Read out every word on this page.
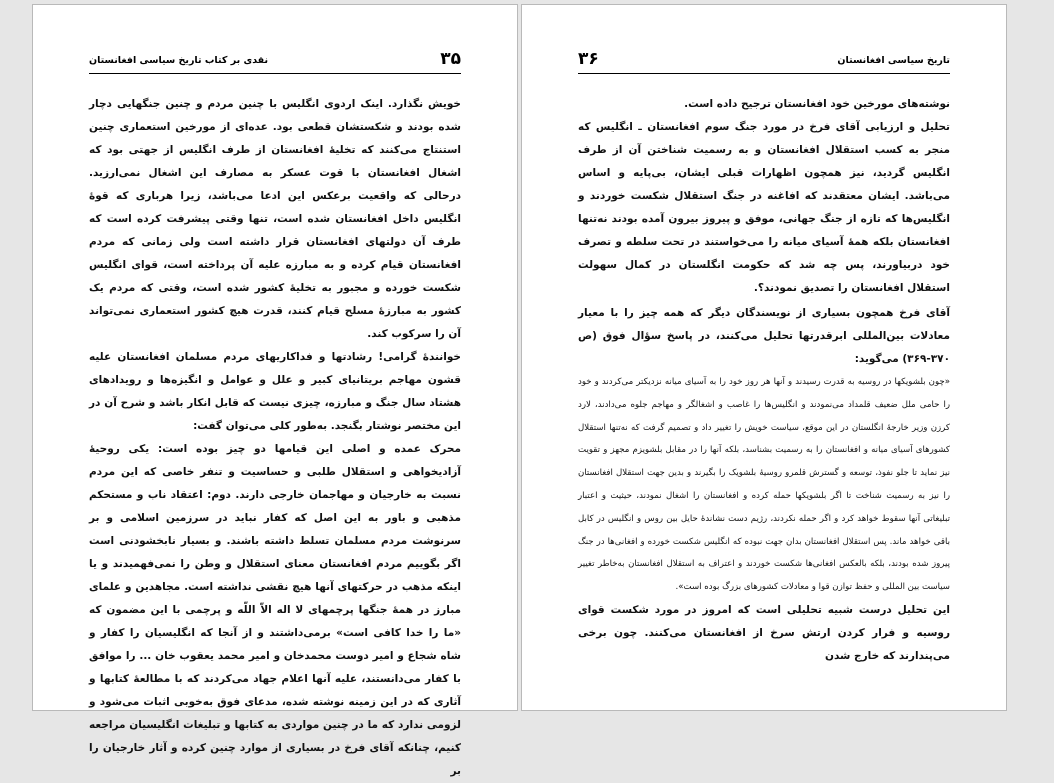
نقدی بر کتاب تاریخ سیاسی افغانستان	۳۵

خویش نگذارد. اینک اردوی انگلیس با چنین مردم و چنین جنگهایی دچار شده بودند و شکستشان قطعی بود. عده‌ای از مورخین استعماری چنین استنتاج می‌کنند که تخلیهٔ افغانستان از طرف انگلیس از جهتی بود که اشغال افغانستان با قوت عسکر به مصارف این اشغال نمی‌ارزید. درحالی که واقعیت برعکس این ادعا می‌باشد، زیرا هرباری که قوهٔ انگلیس داخل افغانستان شده است، تنها وقتی پیشرفت کرده است که طرف آن دولتهای افغانستان قرار داشته است ولی زمانی که مردم افغانستان قیام کرده و به مبارزه علیه آن پرداخته است، قوای انگلیس شکست خورده و مجبور به تخلیهٔ کشور شده است، وقتی که مردم یک کشور به مبارزهٔ مسلح قیام کنند، قدرت هیچ کشور استعماری نمی‌تواند آن را سرکوب کند.

خوانندهٔ گرامی! رشادتها و فداکاریهای مردم مسلمان افغانستان علیه قشون مهاجم بریتانیای کبیر و علل و عوامل و انگیزه‌ها و رویدادهای هشتاد سال جنگ و مبارزه، چیزی نیست که قابل انکار باشد و شرح آن در این مختصر نوشتار بگنجد. به‌طور کلی می‌توان گفت:

محرک عمده و اصلی این قیامها دو چیز بوده است: یکی روحیهٔ آزادیخواهی و استقلال طلبی و حساسیت و تنفر خاصی که این مردم نسبت به خارجیان و مهاجمان خارجی دارند. دوم: اعتقاد ناب و مستحکم مذهبی و باور به این اصل که کفار نباید در سرزمین اسلامی و بر سرنوشت مردم مسلمان تسلط داشته باشند. و بسیار نابخشودنی است اگر بگوییم مردم افغانستان معنای استقلال و وطن را نمی‌فهمیدند و یا اینکه مذهب در حرکتهای آنها هیچ نقشی نداشته است. مجاهدین و علمای مبارز در همهٔ جنگها پرچمهای لا اله الاّ اللّه و پرچمی با این مضمون که «ما را خدا کافی است» برمی‌داشتند و از آنجا که انگلیسیان را کفار و شاه شجاع و امیر دوست محمدخان و امیر محمد یعقوب خان ... را موافق با کفار می‌دانستند، علیه آنها اعلام جهاد می‌کردند که با مطالعهٔ کتابها و آثاری که در این زمینه نوشته شده، مدعای فوق به‌خوبی اثبات می‌شود و لزومی ندارد که ما در چنین مواردی به کتابها و تبلیغات انگلیسیان مراجعه کنیم، چنانکه آقای فرخ در بسیاری از موارد چنین کرده و آثار خارجیان را بر

تاریخ سیاسی افغانستان
۳۶

نوشته‌های مورخین خود افغانستان ترجیح داده است.

تحلیل و ارزیابی آقای فرخ در مورد جنگ سوم افغانستان ـ انگلیس که منجر به کسب استقلال افغانستان و به رسمیت شناختن آن از طرف انگلیس گردید، نیز همچون اظهارات قبلی ایشان، بی‌پایه و اساس می‌باشد. ایشان معتقدند که افاغنه در جنگ استقلال شکست خوردند و انگلیس‌ها که تازه از جنگ جهانی، موفق و پیروز بیرون آمده بودند نه‌تنها افغانستان بلکه همهٔ آسیای میانه را می‌خواستند در تحت سلطه و تصرف خود دربیاورند، پس چه شد که حکومت انگلستان در کمال سهولت استقلال افغانستان را تصدیق نمودند؟.

آقای فرخ همچون بسیاری از نویسندگان دیگر که همه چیز را با معیار معادلات بین‌المللی ابرقدرتها تحلیل می‌کنند، در پاسخ سؤال فوق (ص ۳۷۰-۳۶۹) می‌گوید:

«چون بلشویکها در روسیه به قدرت رسیدند و آنها هر روز خود را به آسیای میانه نزدیکتر می‌کردند و خود را حامی ملل ضعیف قلمداد می‌نمودند و انگلیس‌ها را غاصب و اشغالگر و مهاجم جلوه می‌دادند، لارد کرزن وزیر خارجهٔ انگلستان در این موقع، سیاست خویش را تغییر داد و تصمیم گرفت که نه‌تنها استقلال کشورهای آسیای میانه و افغانستان را به رسمیت بشناسد، بلکه آنها را در مقابل بلشویزم مجهز و تقویت نیز نماید تا جلو نفوذ، توسعه و گسترش قلمرو روسیهٔ بلشویک را بگیرند و بدین جهت استقلال افغانستان را نیز به رسمیت شناخت تا اگر بلشویکها حمله کرده و افغانستان را اشغال نمودند، حیثیت و اعتبار تبلیغاتی آنها سقوط خواهد کرد و اگر حمله نکردند، رژیم دست نشاندهٔ حایل بین روس و انگلیس در کابل باقی خواهد ماند. پس استقلال افغانستان بدان جهت نبوده که انگلیس شکست خورده و افغانی‌ها در جنگ پیروز شده بودند، بلکه بالعکس افغانی‌ها شکست خوردند و اعتراف به استقلال افغانستان به‌خاطر تغییر سیاست بین المللی و حفظ توازن قوا و معادلات کشورهای بزرگ بوده است».

این تحلیل درست شبیه تحلیلی است که امروز در مورد شکست قوای روسیه و فرار کردن ارتش سرخ از افغانستان می‌کنند. چون برخی می‌پندارند که خارج شدن
